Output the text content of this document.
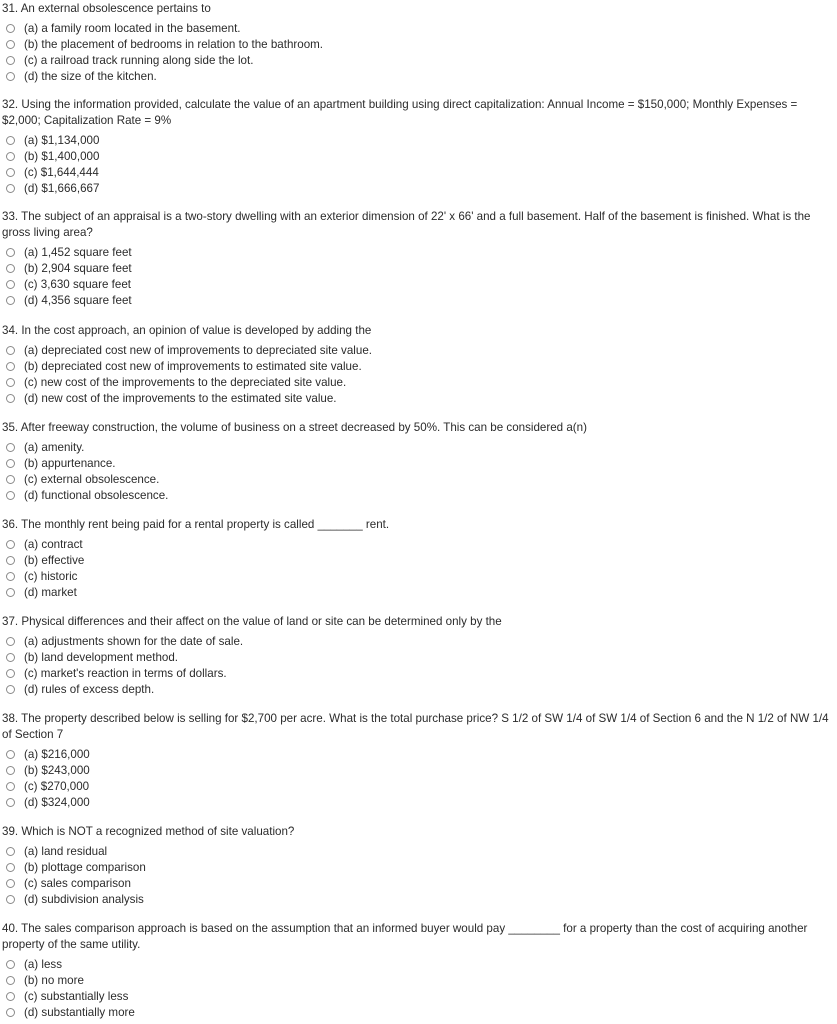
31. An external obsolescence pertains to
(a) a family room located in the basement.
(b) the placement of bedrooms in relation to the bathroom.
(c) a railroad track running along side the lot.
(d) the size of the kitchen.
32. Using the information provided, calculate the value of an apartment building using direct capitalization: Annual Income = $150,000; Monthly Expenses = $2,000; Capitalization Rate = 9%
(a) $1,134,000
(b) $1,400,000
(c) $1,644,444
(d) $1,666,667
33. The subject of an appraisal is a two-story dwelling with an exterior dimension of 22' x 66' and a full basement. Half of the basement is finished. What is the gross living area?
(a) 1,452 square feet
(b) 2,904 square feet
(c) 3,630 square feet
(d) 4,356 square feet
34. In the cost approach, an opinion of value is developed by adding the
(a) depreciated cost new of improvements to depreciated site value.
(b) depreciated cost new of improvements to estimated site value.
(c) new cost of the improvements to the depreciated site value.
(d) new cost of the improvements to the estimated site value.
35. After freeway construction, the volume of business on a street decreased by 50%. This can be considered a(n)
(a) amenity.
(b) appurtenance.
(c) external obsolescence.
(d) functional obsolescence.
36. The monthly rent being paid for a rental property is called _______ rent.
(a) contract
(b) effective
(c) historic
(d) market
37. Physical differences and their affect on the value of land or site can be determined only by the
(a) adjustments shown for the date of sale.
(b) land development method.
(c) market's reaction in terms of dollars.
(d) rules of excess depth.
38. The property described below is selling for $2,700 per acre. What is the total purchase price? S 1/2 of SW 1/4 of SW 1/4 of Section 6 and the N 1/2 of NW 1/4 of Section 7
(a) $216,000
(b) $243,000
(c) $270,000
(d) $324,000
39. Which is NOT a recognized method of site valuation?
(a) land residual
(b) plottage comparison
(c) sales comparison
(d) subdivision analysis
40. The sales comparison approach is based on the assumption that an informed buyer would pay ________ for a property than the cost of acquiring another property of the same utility.
(a) less
(b) no more
(c) substantially less
(d) substantially more
